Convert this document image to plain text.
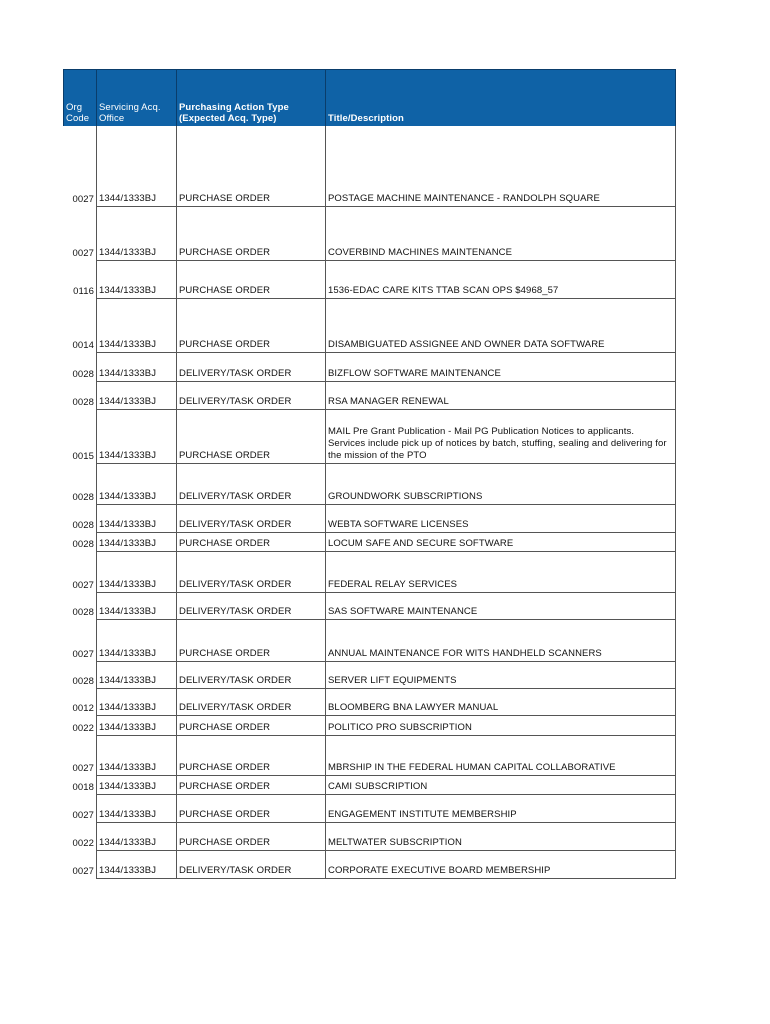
Org Code	Servicing Acq. Office	Purchasing Action Type (Expected Acq. Type)	Title/Description
0027	1344/1333BJ	PURCHASE ORDER	POSTAGE MACHINE MAINTENANCE - RANDOLPH SQUARE
0027	1344/1333BJ	PURCHASE ORDER	COVERBIND MACHINES MAINTENANCE
0116	1344/1333BJ	PURCHASE ORDER	1536-EDAC CARE KITS TTAB SCAN OPS $4968_57
0014	1344/1333BJ	PURCHASE ORDER	DISAMBIGUATED ASSIGNEE AND OWNER DATA SOFTWARE
0028	1344/1333BJ	DELIVERY/TASK ORDER	BIZFLOW SOFTWARE MAINTENANCE
0028	1344/1333BJ	DELIVERY/TASK ORDER	RSA MANAGER RENEWAL
0015	1344/1333BJ	PURCHASE ORDER	MAIL Pre Grant Publication - Mail PG Publication Notices to applicants. Services include pick up of notices by batch, stuffing, sealing and delivering for the mission of the PTO
0028	1344/1333BJ	DELIVERY/TASK ORDER	GROUNDWORK SUBSCRIPTIONS
0028	1344/1333BJ	DELIVERY/TASK ORDER	WEBTA SOFTWARE LICENSES
0028	1344/1333BJ	PURCHASE ORDER	LOCUM SAFE AND SECURE SOFTWARE
0027	1344/1333BJ	DELIVERY/TASK ORDER	FEDERAL RELAY SERVICES
0028	1344/1333BJ	DELIVERY/TASK ORDER	SAS SOFTWARE MAINTENANCE
0027	1344/1333BJ	PURCHASE ORDER	ANNUAL MAINTENANCE FOR WITS HANDHELD SCANNERS
0028	1344/1333BJ	DELIVERY/TASK ORDER	SERVER LIFT EQUIPMENTS
0012	1344/1333BJ	DELIVERY/TASK ORDER	BLOOMBERG BNA LAWYER MANUAL
0022	1344/1333BJ	PURCHASE ORDER	POLITICO PRO SUBSCRIPTION
0027	1344/1333BJ	PURCHASE ORDER	MBRSHIP IN THE FEDERAL HUMAN CAPITAL COLLABORATIVE
0018	1344/1333BJ	PURCHASE ORDER	CAMI SUBSCRIPTION
0027	1344/1333BJ	PURCHASE ORDER	ENGAGEMENT INSTITUTE MEMBERSHIP
0022	1344/1333BJ	PURCHASE ORDER	MELTWATER SUBSCRIPTION
0027	1344/1333BJ	DELIVERY/TASK ORDER	CORPORATE EXECUTIVE BOARD MEMBERSHIP
